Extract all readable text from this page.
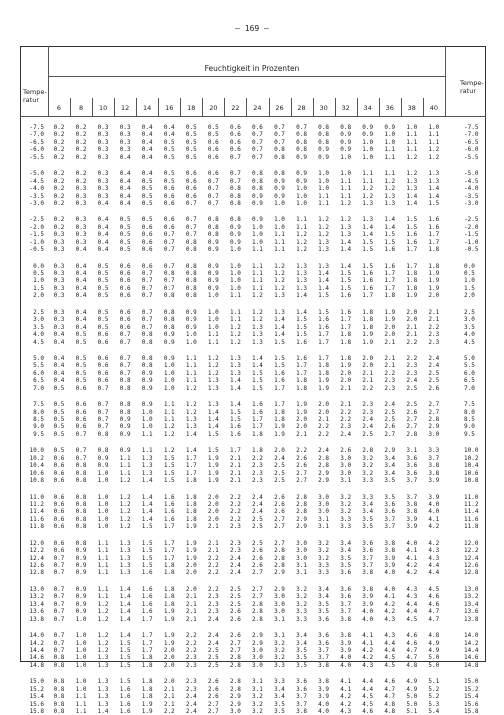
— 169 —
Tempe-
ratur
Tempe-
ratur
Feuchtigkeit in Prozenten
6	8	10	12	14	16	18	20	22	24	26	28	30	32	34	36	38	40
-7.5	0.2	0.2	0.3	0.3	0.4	0.4	0.5	0.5	0.6	0.6	0.7	0.7	0.8	0.8	0.9	0.9	1.0	1.0	-7.5
-7.0	0.2	0.2	0.3	0.3	0.4	0.4	0.5	0.5	0.6	0.7	0.7	0.8	0.8	0.9	0.9	1.0	1.1	1.1	-7.0
-6.5	0.2	0.2	0.3	0.3	0.4	0.5	0.5	0.6	0.6	0.7	0.7	0.8	0.8	0.9	1.0	1.0	1.1	1.1	-6.5
-6.0	0.2	0.2	0.3	0.3	0.4	0.5	0.5	0.6	0.6	0.7	0.8	0.8	0.9	0.9	1.0	1.1	1.1	1.2	-6.0
-5.5	0.2	0.2	0.3	0.4	0.4	0.5	0.5	0.6	0.7	0.7	0.8	0.9	0.9	1.0	1.0	1.1	1.2	1.2	-5.5
-5.0	0.2	0.2	0.3	0.4	0.4	0.5	0.6	0.6	0.7	0.8	0.8	0.9	1.0	1.0	1.1	1.1	1.2	1.3	-5.0
-4.5	0.2	0.2	0.3	0.4	0.5	0.5	0.6	0.7	0.7	0.8	0.9	0.9	1.0	1.1	1.1	1.2	1.3	1.3	-4.5
-4.0	0.2	0.3	0.3	0.4	0.5	0.6	0.6	0.7	0.8	0.8	0.9	1.0	1.0	1.1	1.2	1.2	1.3	1.4	-4.0
-3.5	0.2	0.3	0.3	0.4	0.5	0.6	0.6	0.7	0.8	0.9	0.9	1.0	1.1	1.1	1.2	1.3	1.4	1.4	-3.5
-3.0	0.2	0.3	0.4	0.4	0.5	0.6	0.7	0.7	0.8	0.9	1.0	1.0	1.1	1.2	1.3	1.3	1.4	1.5	-3.0
-2.5	0.2	0.3	0.4	0.5	0.5	0.6	0.7	0.8	0.8	0.9	1.0	1.1	1.2	1.2	1.3	1.4	1.5	1.6	-2.5
-2.0	0.2	0.3	0.4	0.5	0.6	0.6	0.7	0.8	0.9	1.0	1.0	1.1	1.2	1.3	1.4	1.4	1.5	1.6	-2.0
-1.5	0.3	0.3	0.4	0.5	0.6	0.7	0.7	0.8	0.9	1.0	1.1	1.2	1.2	1.3	1.4	1.5	1.6	1.7	-1.5
-1.0	0.3	0.3	0.4	0.5	0.6	0.7	0.8	0.9	0.9	1.0	1.1	1.2	1.3	1.4	1.5	1.5	1.6	1.7	-1.0
-0.5	0.3	0.4	0.4	0.5	0.6	0.7	0.8	0.9	1.0	1.1	1.1	1.2	1.3	1.4	1.5	1.6	1.7	1.8	-0.5
0.0	0.3	0.4	0.5	0.6	0.6	0.7	0.8	0.9	1.0	1.1	1.2	1.3	1.3	1.4	1.5	1.6	1.7	1.8	0.0
0.5	0.3	0.4	0.5	0.6	0.7	0.8	0.8	0.9	1.0	1.1	1.2	1.3	1.4	1.5	1.6	1.7	1.8	1.9	0.5
1.0	0.3	0.4	0.5	0.6	0.7	0.7	0.8	0.9	1.0	1.1	1.2	1.3	1.4	1.5	1.6	1.7	1.8	1.9	1.0
1.5	0.3	0.4	0.5	0.6	0.7	0.7	0.8	0.9	1.0	1.1	1.2	1.3	1.4	1.5	1.6	1.7	1.8	1.9	1.5
2.0	0.3	0.4	0.5	0.6	0.7	0.8	0.8	1.0	1.1	1.2	1.3	1.4	1.5	1.6	1.7	1.8	1.9	2.0	2.0
2.5	0.3	0.4	0.5	0.6	0.7	0.8	0.9	1.0	1.1	1.2	1.3	1.4	1.5	1.6	1.8	1.9	2.0	2.1	2.5
3.0	0.3	0.4	0.5	0.6	0.7	0.8	0.9	1.0	1.1	1.2	1.4	1.5	1.6	1.7	1.8	1.9	2.0	2.1	3.0
3.5	0.3	0.4	0.5	0.6	0.7	0.8	0.9	1.0	1.2	1.3	1.4	1.5	1.6	1.7	1.8	2.0	2.1	2.2	3.5
4.0	0.4	0.5	0.6	0.7	0.8	0.9	1.0	1.1	1.2	1.3	1.4	1.5	1.7	1.8	1.9	2.0	2.1	2.3	4.0
4.5	0.4	0.5	0.6	0.7	0.8	0.9	1.0	1.1	1.2	1.3	1.5	1.6	1.7	1.8	1.9	2.1	2.2	2.3	4.5
5.0	0.4	0.5	0.6	0.7	0.8	0.9	1.1	1.2	1.3	1.4	1.5	1.6	1.7	1.8	2.0	2.1	2.2	2.4	5.0
5.5	0.4	0.5	0.6	0.7	0.8	1.0	1.1	1.2	1.3	1.4	1.5	1.7	1.8	1.9	2.0	2.1	2.3	2.4	5.5
6.0	0.4	0.5	0.6	0.7	0.9	1.0	1.1	1.2	1.3	1.5	1.6	1.7	1.8	2.0	2.1	2.2	2.3	2.5	6.0
6.5	0.4	0.5	0.6	0.8	0.9	1.0	1.1	1.3	1.4	1.5	1.6	1.8	1.9	2.0	2.1	2.3	2.4	2.5	6.5
7.0	0.5	0.6	0.7	0.8	0.9	1.0	1.2	1.3	1.4	1.5	1.7	1.8	1.9	2.1	2.2	2.3	2.5	2.6	7.0
7.5	0.5	0.6	0.7	0.8	0.9	1.1	1.2	1.3	1.4	1.6	1.7	1.9	2.0	2.1	2.3	2.4	2.5	2.7	7.5
8.0	0.5	0.6	0.7	0.8	1.0	1.1	1.2	1.4	1.5	1.6	1.8	1.9	2.0	2.2	2.3	2.5	2.6	2.7	8.0
8.5	0.5	0.6	0.7	0.9	1.0	1.1	1.3	1.4	1.5	1.7	1.8	2.0	2.1	2.2	2.4	2.5	2.7	2.8	8.5
9.0	0.5	0.6	0.7	0.9	1.0	1.2	1.3	1.4	1.6	1.7	1.9	2.0	2.2	2.3	2.4	2.6	2.7	2.9	9.0
9.5	0.5	0.7	0.8	0.9	1.1	1.2	1.4	1.5	1.6	1.8	1.9	2.1	2.2	2.4	2.5	2.7	2.8	3.0	9.5
10.0	0.5	0.7	0.8	0.9	1.1	1.2	1.4	1.5	1.7	1.8	2.0	2.2	2.4	2.6	2.8	2.9	3.1	3.3	10.0
10.2	0.6	0.7	0.9	1.1	1.3	1.5	1.7	1.9	2.1	2.2	2.4	2.6	2.8	3.0	3.2	3.4	3.6	3.7	10.2
10.4	0.6	0.8	0.9	1.1	1.3	1.5	1.7	1.9	2.1	2.3	2.5	2.6	2.8	3.0	3.2	3.4	3.6	3.8	10.4
10.6	0.6	0.8	1.0	1.1	1.3	1.5	1.7	1.9	2.1	2.3	2.5	2.7	2.9	3.0	3.2	3.4	3.6	3.8	10.6
10.8	0.6	0.8	1.0	1.2	1.4	1.5	1.8	1.9	2.1	2.3	2.5	2.7	2.9	3.1	3.3	3.5	3.7	3.9	10.8
11.0	0.6	0.8	1.0	1.2	1.4	1.6	1.8	2.0	2.2	2.4	2.6	2.8	3.0	3.2	3.3	3.5	3.7	3.9	11.0
11.2	0.6	0.8	1.0	1.2	1.4	1.6	1.8	2.0	2.2	2.4	2.6	2.8	3.0	3.2	3.4	3.6	3.8	4.0	11.2
11.4	0.6	0.8	1.0	1.2	1.4	1.6	1.8	2.0	2.2	2.4	2.6	2.8	3.0	3.2	3.4	3.6	3.8	4.0	11.4
11.6	0.6	0.8	1.0	1.2	1.4	1.6	1.8	2.0	2.2	2.5	2.7	2.9	3.1	3.3	3.5	3.7	3.9	4.1	11.6
11.8	0.6	0.8	1.0	1.2	1.5	1.7	1.9	2.1	2.3	2.5	2.7	2.9	3.1	3.3	3.5	3.7	3.9	4.2	11.8
12.0	0.6	0.8	1.1	1.3	1.5	1.7	1.9	2.1	2.3	2.5	2.7	3.0	3.2	3.4	3.6	3.8	4.0	4.2	12.0
12.2	0.6	0.9	1.1	1.3	1.5	1.7	1.9	2.1	2.3	2.6	2.8	3.0	3.2	3.4	3.6	3.8	4.1	4.3	12.2
12.4	0.7	0.9	1.1	1.3	1.5	1.7	1.9	2.2	2.4	2.6	2.8	3.0	3.2	3.5	3.7	3.9	4.1	4.3	12.4
12.6	0.7	0.9	1.1	1.3	1.5	1.8	2.0	2.2	2.4	2.6	2.8	3.1	3.3	3.5	3.7	3.9	4.2	4.4	12.6
12.8	0.7	0.9	1.1	1.3	1.6	1.8	2.0	2.2	2.4	2.7	2.9	3.1	3.3	3.6	3.8	4.0	4.2	4.4	12.8
13.0	0.7	0.9	1.1	1.4	1.6	1.8	2.0	2.2	2.5	2.7	2.9	3.2	3.4	3.6	3.8	4.0	4.3	4.5	13.0
13.2	0.7	0.9	1.1	1.4	1.6	1.8	2.1	2.3	2.5	2.7	3.0	3.2	3.4	3.6	3.9	4.1	4.3	4.6	13.2
13.4	0.7	0.9	1.2	1.4	1.6	1.8	2.1	2.3	2.5	2.8	3.0	3.2	3.5	3.7	3.9	4.2	4.4	4.6	13.4
13.6	0.7	0.9	1.2	1.4	1.6	1.9	2.1	2.3	2.6	2.8	3.0	3.3	3.5	3.7	4.0	4.2	4.4	4.7	13.6
13.8	0.7	1.0	1.2	1.4	1.7	1.9	2.1	2.4	2.6	2.8	3.1	3.3	3.6	3.8	4.0	4.3	4.5	4.7	13.8
14.0	0.7	1.0	1.2	1.4	1.7	1.9	2.2	2.4	2.6	2.9	3.1	3.4	3.6	3.8	4.1	4.3	4.6	4.8	14.0
14.2	0.7	1.0	1.2	1.5	1.7	1.9	2.2	2.4	2.7	2.9	3.2	3.4	3.6	3.9	4.1	4.4	4.6	4.9	14.2
14.4	0.7	1.0	1.2	1.5	1.7	2.0	2.2	2.5	2.7	3.0	3.2	3.5	3.7	3.9	4.2	4.4	4.7	4.9	14.4
14.6	0.8	1.0	1.3	1.5	1.8	2.0	2.3	2.5	2.8	3.0	3.2	3.5	3.7	4.0	4.2	4.5	4.7	5.0	14.6
14.8	0.8	1.0	1.3	1.5	1.8	2.0	2.3	2.5	2.8	3.0	3.3	3.5	3.8	4.0	4.3	4.5	4.8	5.0	14.8
15.0	0.8	1.0	1.3	1.5	1.8	2.0	2.3	2.6	2.8	3.1	3.3	3.6	3.8	4.1	4.4	4.6	4.9	5.1	15.0
15.2	0.8	1.0	1.3	1.6	1.8	2.1	2.3	2.6	2.8	3.1	3.4	3.6	3.9	4.1	4.4	4.7	4.9	5.2	15.2
15.4	0.8	1.1	1.3	1.6	1.8	2.1	2.4	2.6	2.9	3.2	3.4	3.7	3.9	4.2	4.5	4.7	5.0	5.2	15.4
15.6	0.8	1.1	1.3	1.6	1.9	2.1	2.4	2.7	2.9	3.2	3.5	3.7	4.0	4.2	4.5	4.8	5.0	5.3	15.6
15.8	0.8	1.1	1.4	1.6	1.9	2.2	2.4	2.7	3.0	3.2	3.5	3.8	4.0	4.3	4.6	4.8	5.1	5.4	15.8
